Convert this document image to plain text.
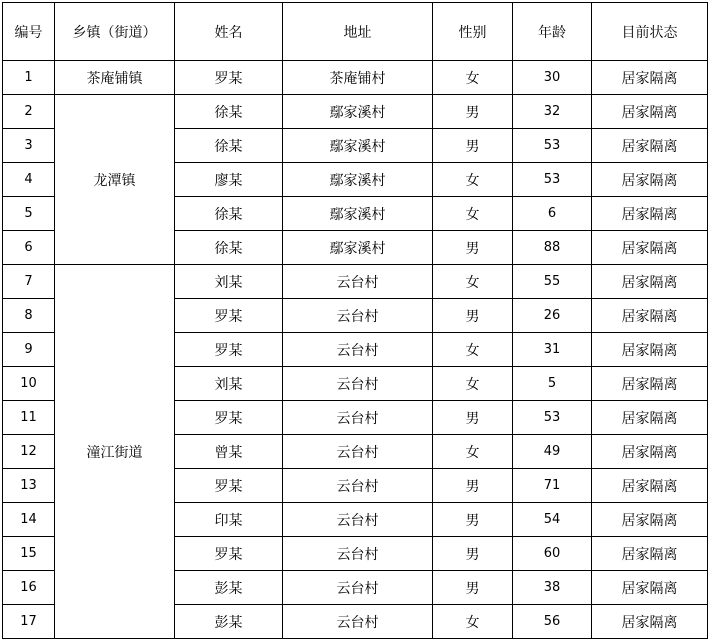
编号	乡镇（街道）	姓名	地址	性别	年龄	目前状态
1	茶庵铺镇	罗某	茶庵铺村	女	30	居家隔离
2	龙潭镇	徐某	鄢家溪村	男	32	居家隔离
3		徐某	鄢家溪村	男	53	居家隔离
4		廖某	鄢家溪村	女	53	居家隔离
5		徐某	鄢家溪村	女	6	居家隔离
6		徐某	鄢家溪村	男	88	居家隔离
7	潼江街道	刘某	云台村	女	55	居家隔离
8		罗某	云台村	男	26	居家隔离
9		罗某	云台村	女	31	居家隔离
10		刘某	云台村	女	5	居家隔离
11		罗某	云台村	男	53	居家隔离
12		曾某	云台村	女	49	居家隔离
13		罗某	云台村	男	71	居家隔离
14		印某	云台村	男	54	居家隔离
15		罗某	云台村	男	60	居家隔离
16		彭某	云台村	男	38	居家隔离
17		彭某	云台村	女	56	居家隔离
